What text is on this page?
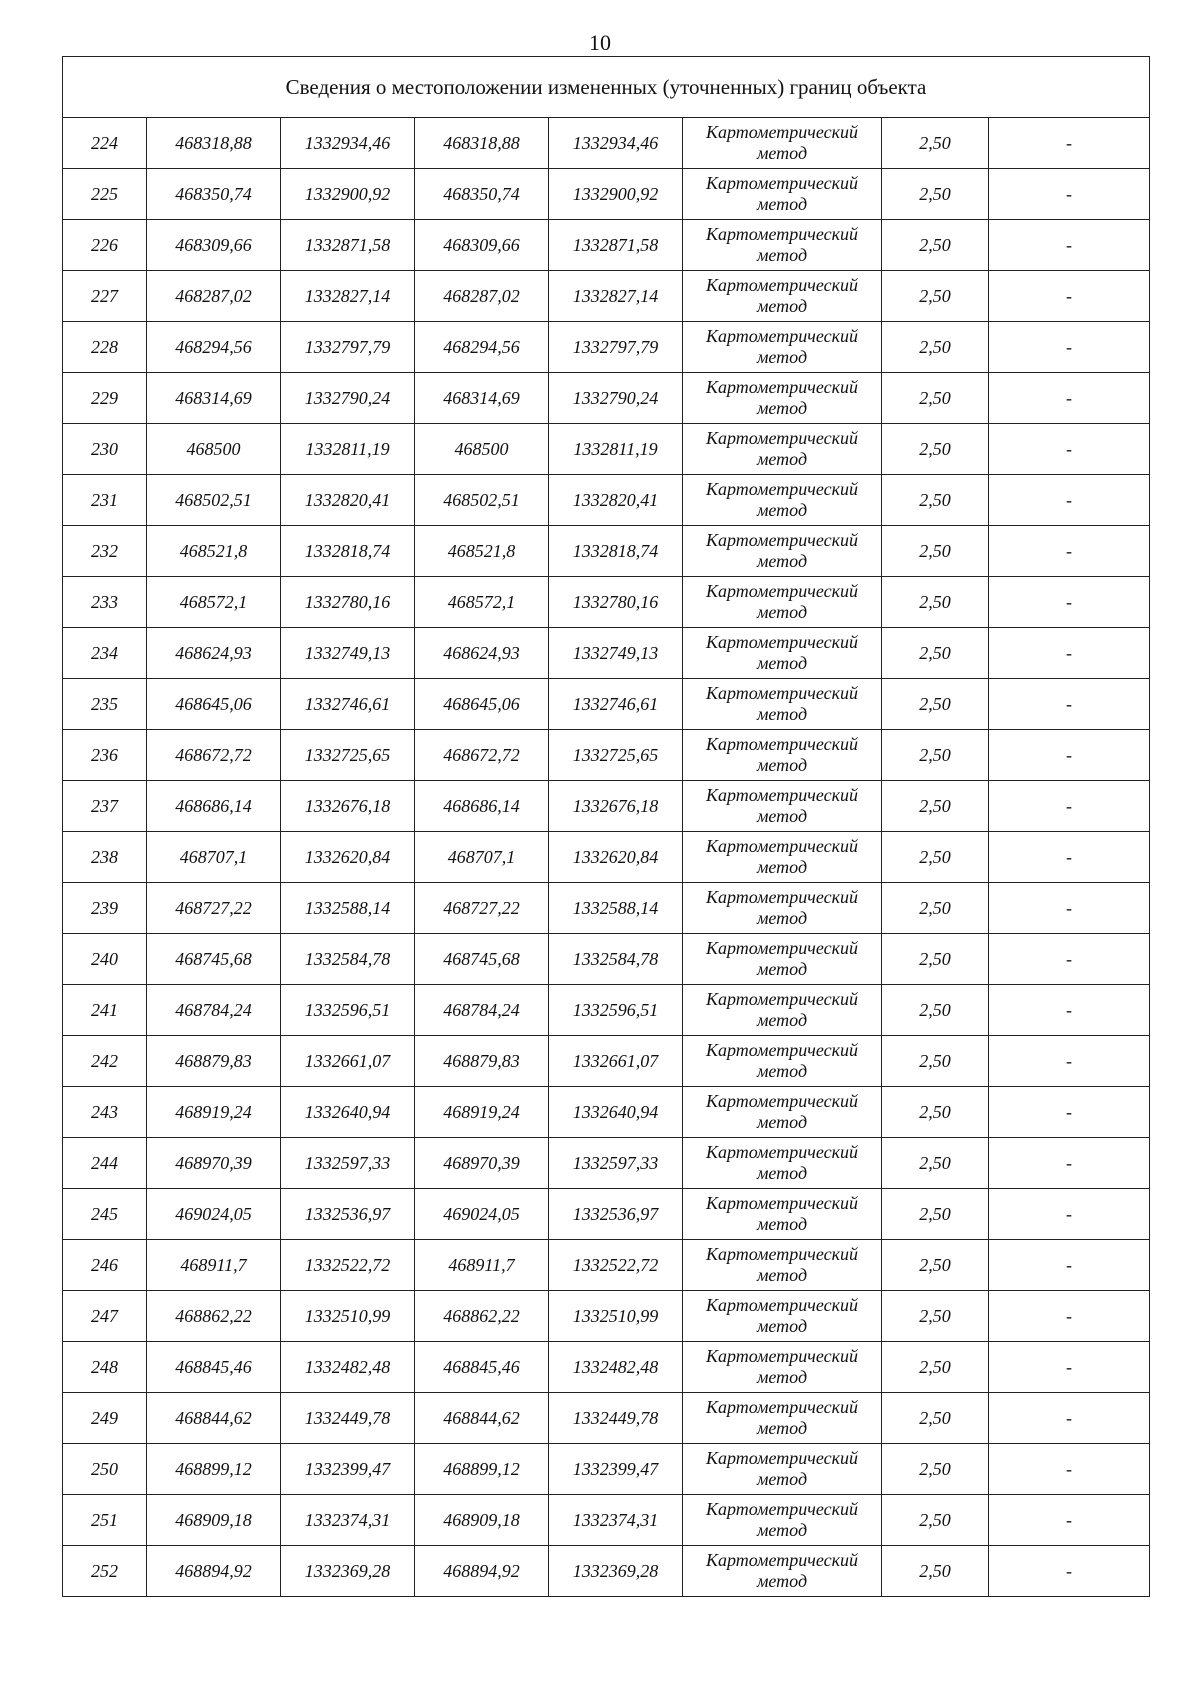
10
Сведения о местоположении измененных (уточненных) границ объекта							
224	468318,88	1332934,46	468318,88	1332934,46	Картометрический
метод	2,50	-
225	468350,74	1332900,92	468350,74	1332900,92	Картометрический
метод	2,50	-
226	468309,66	1332871,58	468309,66	1332871,58	Картометрический
метод	2,50	-
227	468287,02	1332827,14	468287,02	1332827,14	Картометрический
метод	2,50	-
228	468294,56	1332797,79	468294,56	1332797,79	Картометрический
метод	2,50	-
229	468314,69	1332790,24	468314,69	1332790,24	Картометрический
метод	2,50	-
230	468500	1332811,19	468500	1332811,19	Картометрический
метод	2,50	-
231	468502,51	1332820,41	468502,51	1332820,41	Картометрический
метод	2,50	-
232	468521,8	1332818,74	468521,8	1332818,74	Картометрический
метод	2,50	-
233	468572,1	1332780,16	468572,1	1332780,16	Картометрический
метод	2,50	-
234	468624,93	1332749,13	468624,93	1332749,13	Картометрический
метод	2,50	-
235	468645,06	1332746,61	468645,06	1332746,61	Картометрический
метод	2,50	-
236	468672,72	1332725,65	468672,72	1332725,65	Картометрический
метод	2,50	-
237	468686,14	1332676,18	468686,14	1332676,18	Картометрический
метод	2,50	-
238	468707,1	1332620,84	468707,1	1332620,84	Картометрический
метод	2,50	-
239	468727,22	1332588,14	468727,22	1332588,14	Картометрический
метод	2,50	-
240	468745,68	1332584,78	468745,68	1332584,78	Картометрический
метод	2,50	-
241	468784,24	1332596,51	468784,24	1332596,51	Картометрический
метод	2,50	-
242	468879,83	1332661,07	468879,83	1332661,07	Картометрический
метод	2,50	-
243	468919,24	1332640,94	468919,24	1332640,94	Картометрический
метод	2,50	-
244	468970,39	1332597,33	468970,39	1332597,33	Картометрический
метод	2,50	-
245	469024,05	1332536,97	469024,05	1332536,97	Картометрический
метод	2,50	-
246	468911,7	1332522,72	468911,7	1332522,72	Картометрический
метод	2,50	-
247	468862,22	1332510,99	468862,22	1332510,99	Картометрический
метод	2,50	-
248	468845,46	1332482,48	468845,46	1332482,48	Картометрический
метод	2,50	-
249	468844,62	1332449,78	468844,62	1332449,78	Картометрический
метод	2,50	-
250	468899,12	1332399,47	468899,12	1332399,47	Картометрический
метод	2,50	-
251	468909,18	1332374,31	468909,18	1332374,31	Картометрический
метод	2,50	-
252	468894,92	1332369,28	468894,92	1332369,28	Картометрический
метод	2,50	-
